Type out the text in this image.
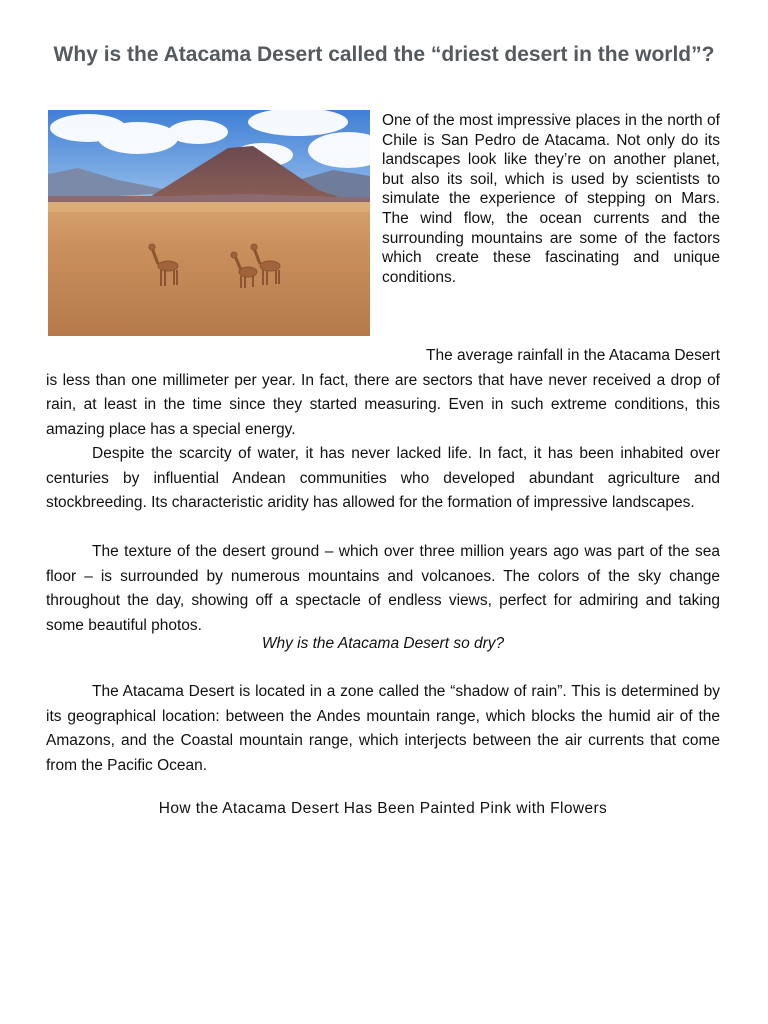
Why is the Atacama Desert called the “driest desert in the world”?

One of the most impressive places in the north of Chile is San Pedro de Atacama. Not only do its landscapes look like they’re on another planet, but also its soil, which is used by scientists to simulate the experience of stepping on Mars. The wind flow, the ocean currents and the surrounding mountains are some of the factors which create these fascinating and unique conditions.

The average rainfall in the Atacama Desert is less than one millimeter per year. In fact, there are sectors that have never received a drop of rain, at least in the time since they started measuring. Even in such extreme conditions, this amazing place has a special energy.

Despite the scarcity of water, it has never lacked life. In fact, it has been inhabited over centuries by influential Andean communities who developed abundant agriculture and stockbreeding. Its characteristic aridity has allowed for the formation of impressive landscapes.

The texture of the desert ground – which over three million years ago was part of the sea floor – is surrounded by numerous mountains and volcanoes. The colors of the sky change throughout the day, showing off a spectacle of endless views, perfect for admiring and taking some beautiful photos.

Why is the Atacama Desert so dry?

The Atacama Desert is located in a zone called the “shadow of rain”. This is determined by its geographical location: between the Andes mountain range, which blocks the humid air of the Amazons, and the Coastal mountain range, which interjects between the air currents that come from the Pacific Ocean.

How the Atacama Desert Has Been Painted Pink with Flowers
